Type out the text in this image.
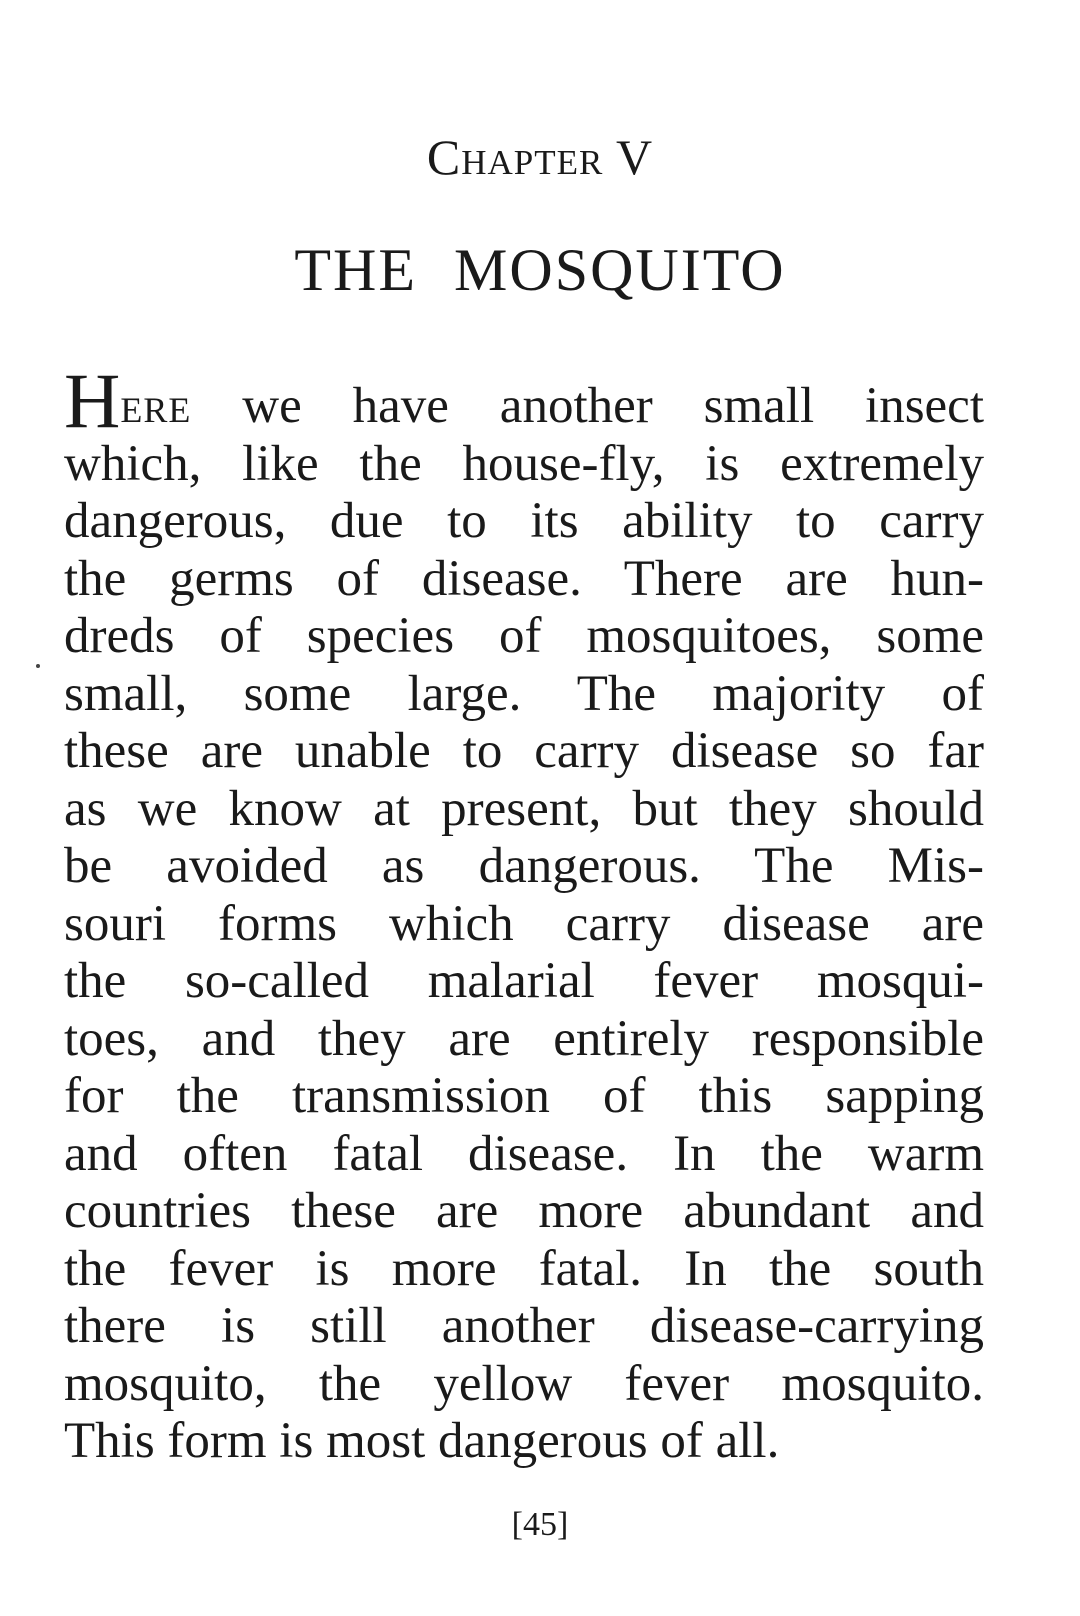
Chapter V
THE MOSQUITO
Here we have another small insect
which, like the house-fly, is extremely
dangerous, due to its ability to carry
the germs of disease. There are hun-
dreds of species of mosquitoes, some
small, some large. The majority of
these are unable to carry disease so far
as we know at present, but they should
be avoided as dangerous. The Mis-
souri forms which carry disease are
the so-called malarial fever mosqui-
toes, and they are entirely responsible
for the transmission of this sapping
and often fatal disease. In the warm
countries these are more abundant and
the fever is more fatal. In the south
there is still another disease-carrying
mosquito, the yellow fever mosquito.
This form is most dangerous of all.
[45]
